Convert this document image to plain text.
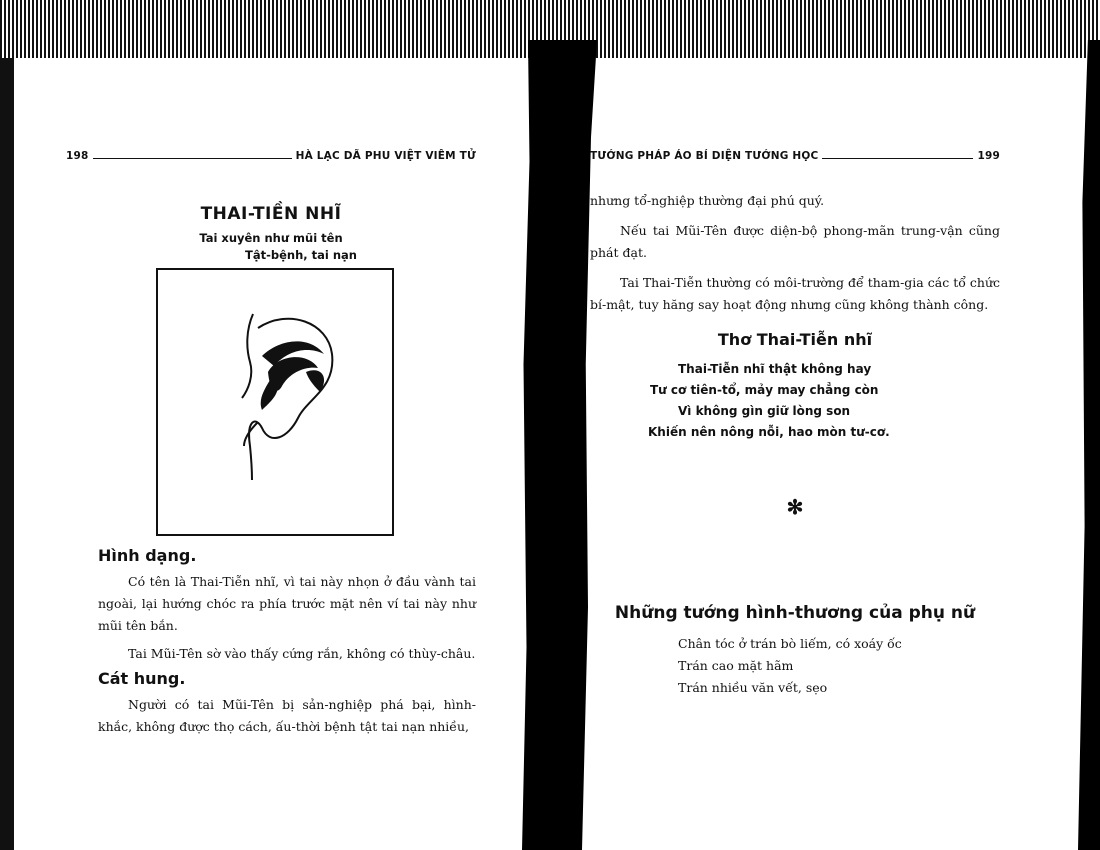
198	HÀ LẠC DÃ PHU VIỆT VIÊM TỬ
THAI-TIỀN NHĨ
Tai xuyên như mũi tên
Tật-bệnh, tai nạn
Hình dạng.

Có tên là Thai-Tiễn nhĩ, vì tai này nhọn ở đầu vành tai ngoài, lại hướng chóc ra phía trước mặt nên ví tai này như mũi tên bắn.

Tai Mũi-Tên sờ vào thấy cứng rắn, không có thùy-châu.

Cát hung.

Người có tai Mũi-Tên bị sản-nghiệp phá bại, hình-khắc, không được thọ cách, ấu-thời bệnh tật tai nạn nhiều,

TƯỚNG PHÁP ÁO BÍ DIỆN TƯỚNG HỌC	199

nhưng tổ-nghiệp thường đại phú quý.

Nếu tai Mũi-Tên được diện-bộ phong-mãn trung-vận cũng phát đạt.

Tai Thai-Tiễn thường có môi-trường để tham-gia các tổ chức bí-mật, tuy hăng say hoạt động nhưng cũng không thành công.

Thơ Thai-Tiễn nhĩ
Thai-Tiễn nhĩ thật không hay
Tư cơ tiên-tổ, mảy may chẳng còn
Vì không gìn giữ lòng son
Khiến nên nông nỗi, hao mòn tư-cơ.
✻
Những tướng hình-thương của phụ nữ
Chân tóc ở trán bò liếm, có xoáy ốc
Trán cao mặt hãm
Trán nhiều văn vết, sẹo
